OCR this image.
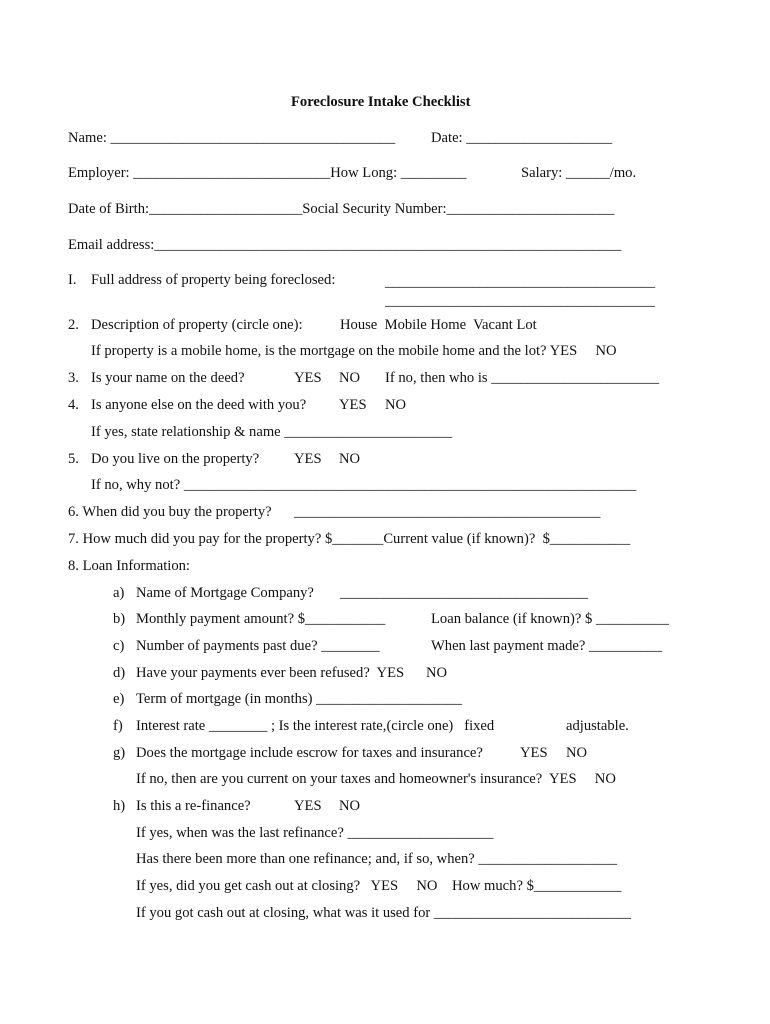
Foreclosure Intake Checklist
Name: _______________________________________ Date: ____________________
Employer: ___________________________How Long: _________	Salary: ______/mo.
Date of Birth:_____________________Social Security Number:_______________________
Email address:________________________________________________________________
I. Full address of property being foreclosed:	_____________________________________
_____________________________________
2. Description of property (circle one):	House  Mobile Home  Vacant Lot
If property is a mobile home, is the mortgage on the mobile home and the lot? YES     NO
3. Is your name on the deed?	YES NO If no, then who is _______________________
4. Is anyone else on the deed with you? YES NO
If yes, state relationship & name _______________________
5. Do you live on the property? YES NO
If no, why not? ______________________________________________________________
6. When did you buy the property? __________________________________________
7. How much did you pay for the property? $_______Current value (if known)?  $___________
8. Loan Information:
a) Name of Mortgage Company? __________________________________
b) Monthly payment amount? $___________	Loan balance (if known)? $ __________
c) Number of payments past due? ________	When last payment made? __________
d) Have your payments ever been refused?  YES      NO
e) Term of mortgage (in months) ____________________
f) Interest rate ________ ; Is the interest rate,(circle one)   fixed	adjustable.
g) Does the mortgage include escrow for taxes and insurance?	YES NO
If no, then are you current on your taxes and homeowner's insurance?  YES     NO
h) Is this a re-finance?	YES NO
If yes, when was the last refinance? ____________________
Has there been more than one refinance; and, if so, when? ___________________
If yes, did you get cash out at closing?   YES     NO    How much? $____________
If you got cash out at closing, what was it used for ___________________________
